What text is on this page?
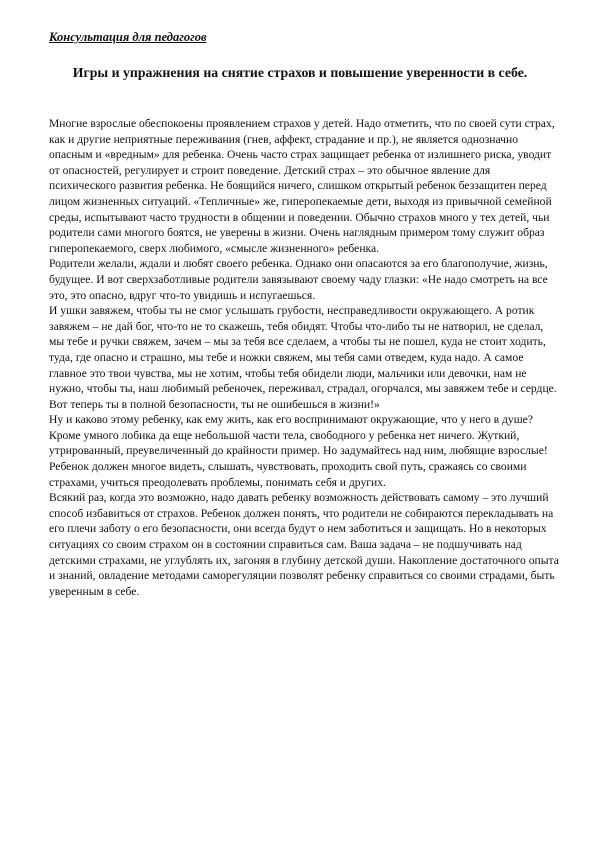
Консультация для педагогов
Игры и упражнения на снятие страхов и повышение уверенности в себе.

Многие взрослые обеспокоены проявлением страхов у детей. Надо отметить, что по своей сути страх, как и другие неприятные переживания (гнев, аффект, страдание и пр.), не является однозначно опасным и «вредным» для ребенка. Очень часто страх защищает ребенка от излишнего риска, уводит от опасностей, регулирует и строит поведение. Детский страх – это обычное явление для психического развития ребенка. Не боящийся ничего, слишком открытый ребенок беззащитен перед лицом жизненных ситуаций. «Тепличные» же, гиперопекаемые дети, выходя из привычной семейной среды, испытывают часто трудности в общении и поведении. Обычно страхов много у тех детей, чьи родители сами многого боятся, не уверены в жизни. Очень наглядным примером тому служит образ гиперопекаемого, сверх любимого, «смысле жизненного» ребенка.

Родители желали, ждали и любят своего ребенка. Однако они опасаются за его благополучие, жизнь, будущее. И вот сверхзаботливые родители завязывают своему чаду глазки: «Не надо смотреть на все это, это опасно, вдруг что-то увидишь и испугаешься.

И ушки завяжем, чтобы ты не смог услышать грубости, несправедливости окружающего. А ротик завяжем – не дай бог, что-то не то скажешь, тебя обидят. Чтобы что-либо ты не натворил, не сделал, мы тебе и ручки свяжем, зачем – мы за тебя все сделаем, а чтобы ты не пошел, куда не стоит ходить, туда, где опасно и страшно, мы тебе и ножки свяжем, мы тебя сами отведем, куда надо. А самое главное это твои чувства, мы не хотим, чтобы тебя обидели люди, мальчики или девочки, нам не нужно, чтобы ты, наш любимый ребеночек, переживал, страдал, огорчался, мы завяжем тебе и сердце. Вот теперь ты в полной безопасности, ты не ошибешься в жизни!»

Ну и каково этому ребенку, как ему жить, как его воспринимают окружающие, что у него в душе?

Кроме умного лобика да еще небольшой части тела, свободного у ребенка нет ничего. Жуткий, утрированный, преувеличенный до крайности пример. Но задумайтесь над ним, любящие взрослые! Ребенок должен многое видеть, слышать, чувствовать, проходить свой путь, сражаясь со своими страхами, учиться преодолевать проблемы, понимать себя и других.

Всякий раз, когда это возможно, надо давать ребенку возможность действовать самому – это лучший способ избавиться от страхов. Ребенок должен понять, что родители не собираются перекладывать на его плечи заботу о его безопасности, они всегда будут о нем заботиться и защищать. Но в некоторых ситуациях со своим страхом он в состоянии справиться сам. Ваша задача – не подшучивать над детскими страхами, не углублять их, загоняя в глубину детской души. Накопление достаточного опыта и знаний, овладение методами саморегуляции позволят ребенку справиться со своими страдами, быть уверенным в себе.
